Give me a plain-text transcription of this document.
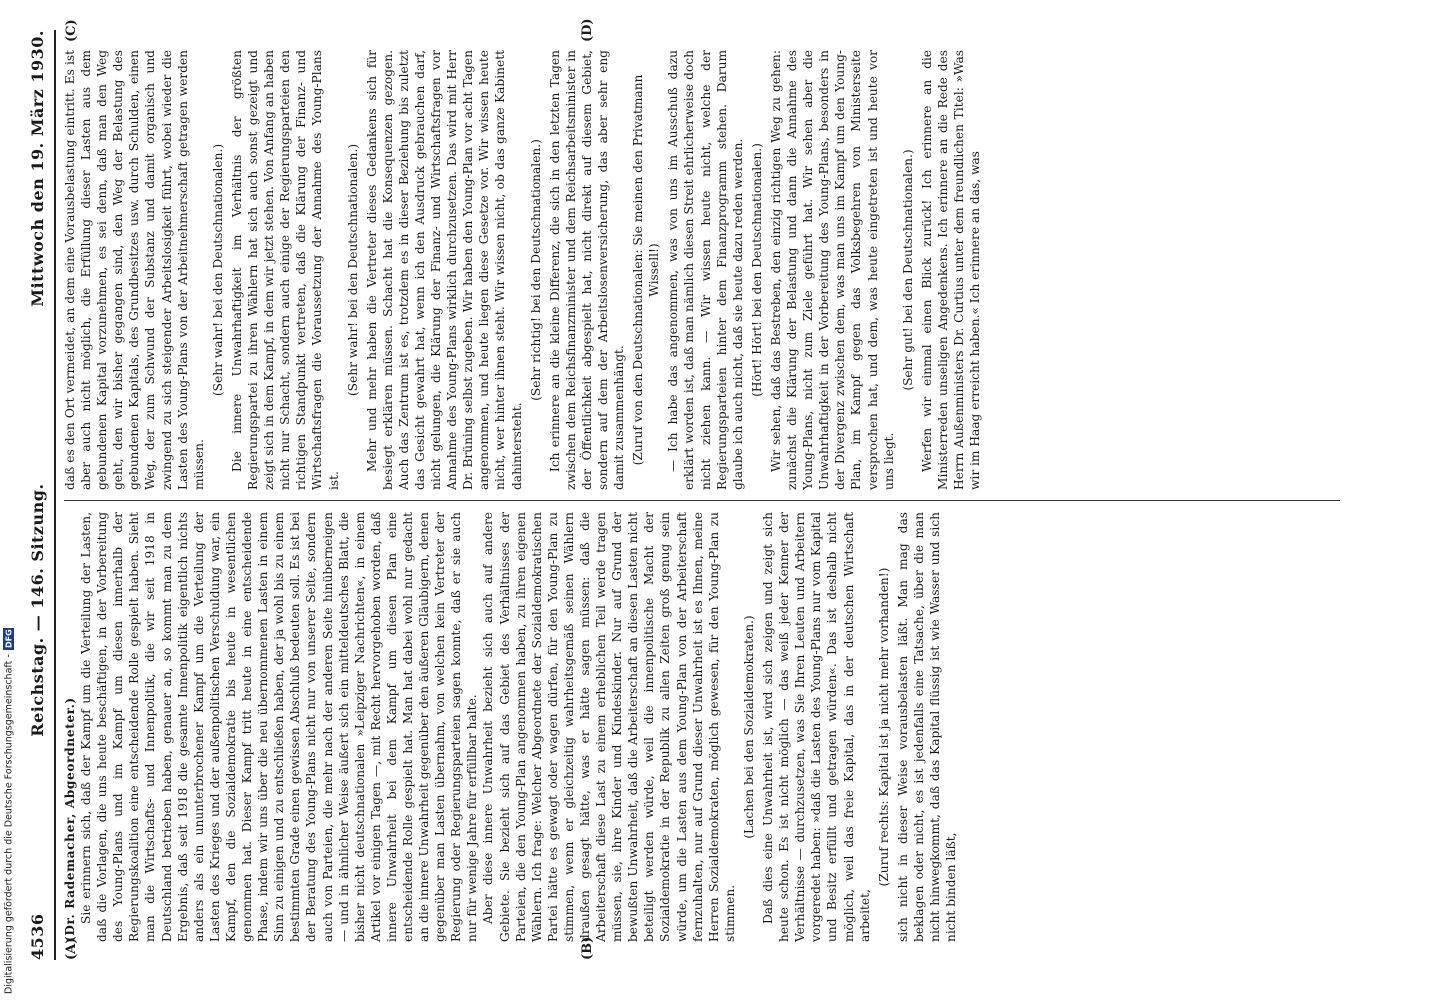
4536
Reichstag. — 146. Sitzung.
Mittwoch den 19. März 1930.
(A)	(B)
(C)	(D)

(Dr. Rademacher, Abgeordneter.) Sie erinnern sich, daß der Kampf um die Verteilung der Lasten, daß die Vorlagen, die uns heute beschäftigen, in der Vorbereitung des Young-Plans und im Kampf um diesen innerhalb der Regierungskoalition eine entscheidende Rolle gespielt haben. Sieht man die Wirtschafts- und Innenpolitik, die wir seit 1918 in Deutschland betrieben haben, genauer an, so kommt man zu dem Ergebnis, daß seit 1918 die gesamte Innenpolitik eigentlich nichts anders als ein ununterbrochener Kampf um die Verteilung der Lasten des Krieges und der außenpolitischen Verschuldung war, ein Kampf, den die Sozialdemokratie bis heute in wesentlichen genommen hat. Dieser Kampf tritt heute in eine entscheidende Phase, indem wir uns über die neu übernommenen Lasten in einem Sinn zu einigen und zu entschließen haben, der ja wohl bis zu einem bestimmten Grade einen gewissen Abschluß bedeuten soll. Es ist bei der Beratung des Young-Plans nicht nur von unserer Seite, sondern auch von Parteien, die mehr nach der anderen Seite hinüberneigen — und in ähnlicher Weise äußert sich ein mitteldeutsches Blatt, die bisher nicht deutschnationalen »Leipziger Nachrichten«, in einem Artikel vor einigen Tagen —, mit Recht hervorgehoben worden, daß innere Unwahrheit bei dem Kampf um diesen Plan eine entscheidende Rolle gespielt hat. Man hat dabei wohl nur gedacht an die innere Unwahrheit gegenüber den äußeren Gläubigern, denen gegenüber man Lasten übernahm, von welchen kein Vertreter der Regierung oder Regierungsparteien sagen konnte, daß er sie auch nur für wenige Jahre für erfüllbar halte. Aber diese innere Unwahrheit bezieht sich auch auf andere Gebiete. Sie bezieht sich auf das Gebiet des Verhältnisses der Parteien, die den Young-Plan angenommen haben, zu ihren eigenen Wählern. Ich frage: Welcher Abgeordnete der Sozialdemokratischen Partei hätte es gewagt oder wagen dürfen, für den Young-Plan zu stimmen, wenn er gleichzeitig wahrheitsgemäß seinen Wählern draußen gesagt hätte, was er hätte sagen müssen: daß die Arbeiterschaft diese Last zu einem erheblichen Teil werde tragen müssen, sie, ihre Kinder und Kindeskinder. Nur auf Grund der bewußten Unwahrheit, daß die Arbeiterschaft an diesen Lasten nicht beteiligt werden würde, weil die innenpolitische Macht der Sozialdemokratie in der Republik zu allen Zeiten groß genug sein würde, um die Lasten aus dem Young-Plan von der Arbeiterschaft fernzuhalten, nur auf Grund dieser Unwahrheit ist es Ihnen, meine Herren Sozialdemokraten, möglich gewesen, für den Young-Plan zu stimmen.

(Lachen bei den Sozialdemokraten.) Daß dies eine Unwahrheit ist, wird sich zeigen und zeigt sich heute schon. Es ist nicht möglich — das weiß jeder Kenner der Verhältnisse — durchzusetzen, was Sie Ihren Leuten und Arbeitern vorgeredet haben: »daß die Lasten des Young-Plans nur vom Kapital und Besitz erfüllt und getragen würden«. Das ist deshalb nicht möglich, weil das freie Kapital, das in der deutschen Wirtschaft arbeitet,

(Zuruf rechts: Kapital ist ja nicht mehr vorhanden!) sich nicht in dieser Weise vorausbelasten läßt. Man mag das beklagen oder nicht, es ist jedenfalls eine Tatsache, über die man nicht hinwegkommt, daß das Kapital flüssig ist wie Wasser und sich nicht binden läßt,

daß es den Ort vermeidet, an dem eine Vorausbelastung eintritt. Es ist aber auch nicht möglich, die Erfüllung dieser Lasten aus dem gebundenen Kapital vorzunehmen, es sei denn, daß man den Weg geht, den wir bisher gegangen sind, den Weg der Belastung des gebundenen Kapitals, des Grundbesitzes usw. durch Schulden, einen Weg, der zum Schwund der Substanz und damit organisch und zwingend zu sich steigender Arbeitslosigkeit führt, wobei wieder die Lasten des Young-Plans von der Arbeitnehmerschaft getragen werden müssen.

(Sehr wahr! bei den Deutschnationalen.) Die innere Unwahrhaftigkeit im Verhältnis der größten Regierungspartei zu ihren Wählern hat sich auch sonst gezeigt und zeigt sich in dem Kampf, in dem wir jetzt stehen. Von Anfang an haben nicht nur Schacht, sondern auch einige der Regierungsparteien den richtigen Standpunkt vertreten, daß die Klärung der Finanz- und Wirtschaftsfragen die Voraussetzung der Annahme des Young-Plans ist.

(Sehr wahr! bei den Deutschnationalen.) Mehr und mehr haben die Vertreter dieses Gedankens sich für besiegt erklären müssen. Schacht hat die Konsequenzen gezogen. Auch das Zentrum ist es, trotzdem es in dieser Beziehung bis zuletzt das Gesicht gewahrt hat, wenn ich den Ausdruck gebrauchen darf, nicht gelungen, die Klärung der Finanz- und Wirtschaftsfragen vor Annahme des Young-Plans wirklich durchzusetzen. Das wird mit Herr Dr. Brüning selbst zugeben. Wir haben den Young-Plan vor acht Tagen angenommen, und heute liegen diese Gesetze vor. Wir wissen heute nicht, wer hinter ihnen steht. Wir wissen nicht, ob das ganze Kabinett dahintersteht.

(Sehr richtig! bei den Deutschnationalen.) Ich erinnere an die kleine Differenz, die sich in den letzten Tagen zwischen dem Reichsfinanzminister und dem Reichsarbeitsminister in der Öffentlichkeit abgespielt hat, nicht direkt auf diesem Gebiet, sondern auf dem der Arbeitslosenversicherung, das aber sehr eng damit zusammenhängt. (Zuruf von den Deutschnationalen: Sie meinen den Privatmann Wissell!) — Ich habe das angenommen, was von uns im Ausschuß dazu erklärt worden ist, daß man nämlich diesen Streit ehrlicherweise doch nicht ziehen kann. — Wir wissen heute nicht, welche der Regierungsparteien hinter dem Finanzprogramm stehen. Darum glaube ich auch nicht, daß sie heute dazu reden werden. (Hört! Hört! bei den Deutschnationalen.) Wir sehen, daß das Bestreben, den einzig richtigen Weg zu gehen: zunächst die Klärung der Belastung und dann die Annahme des Young-Plans, nicht zum Ziele geführt hat. Wir sehen aber die Unwahrhaftigkeit in der Vorbereitung des Young-Plans, besonders in der Divergenz zwischen dem, was man uns im Kampf um den Young-Plan, im Kampf gegen das Volksbegehren von Ministerseite versprochen hat, und dem, was heute eingetreten ist und heute vor uns liegt.

(Sehr gut! bei den Deutschnationalen.) Werfen wir einmal einen Blick zurück! Ich erinnere an die Ministerreden unseligen Angedenkens. Ich erinnere an die Rede des Herrn Außenministers Dr. Curtius unter dem freundlichen Titel: »Was wir im Haag erreicht haben.« Ich erinnere an das, was

Digitalisierung gefördert durch die Deutsche Forschungsgemeinschaft -
DFG
